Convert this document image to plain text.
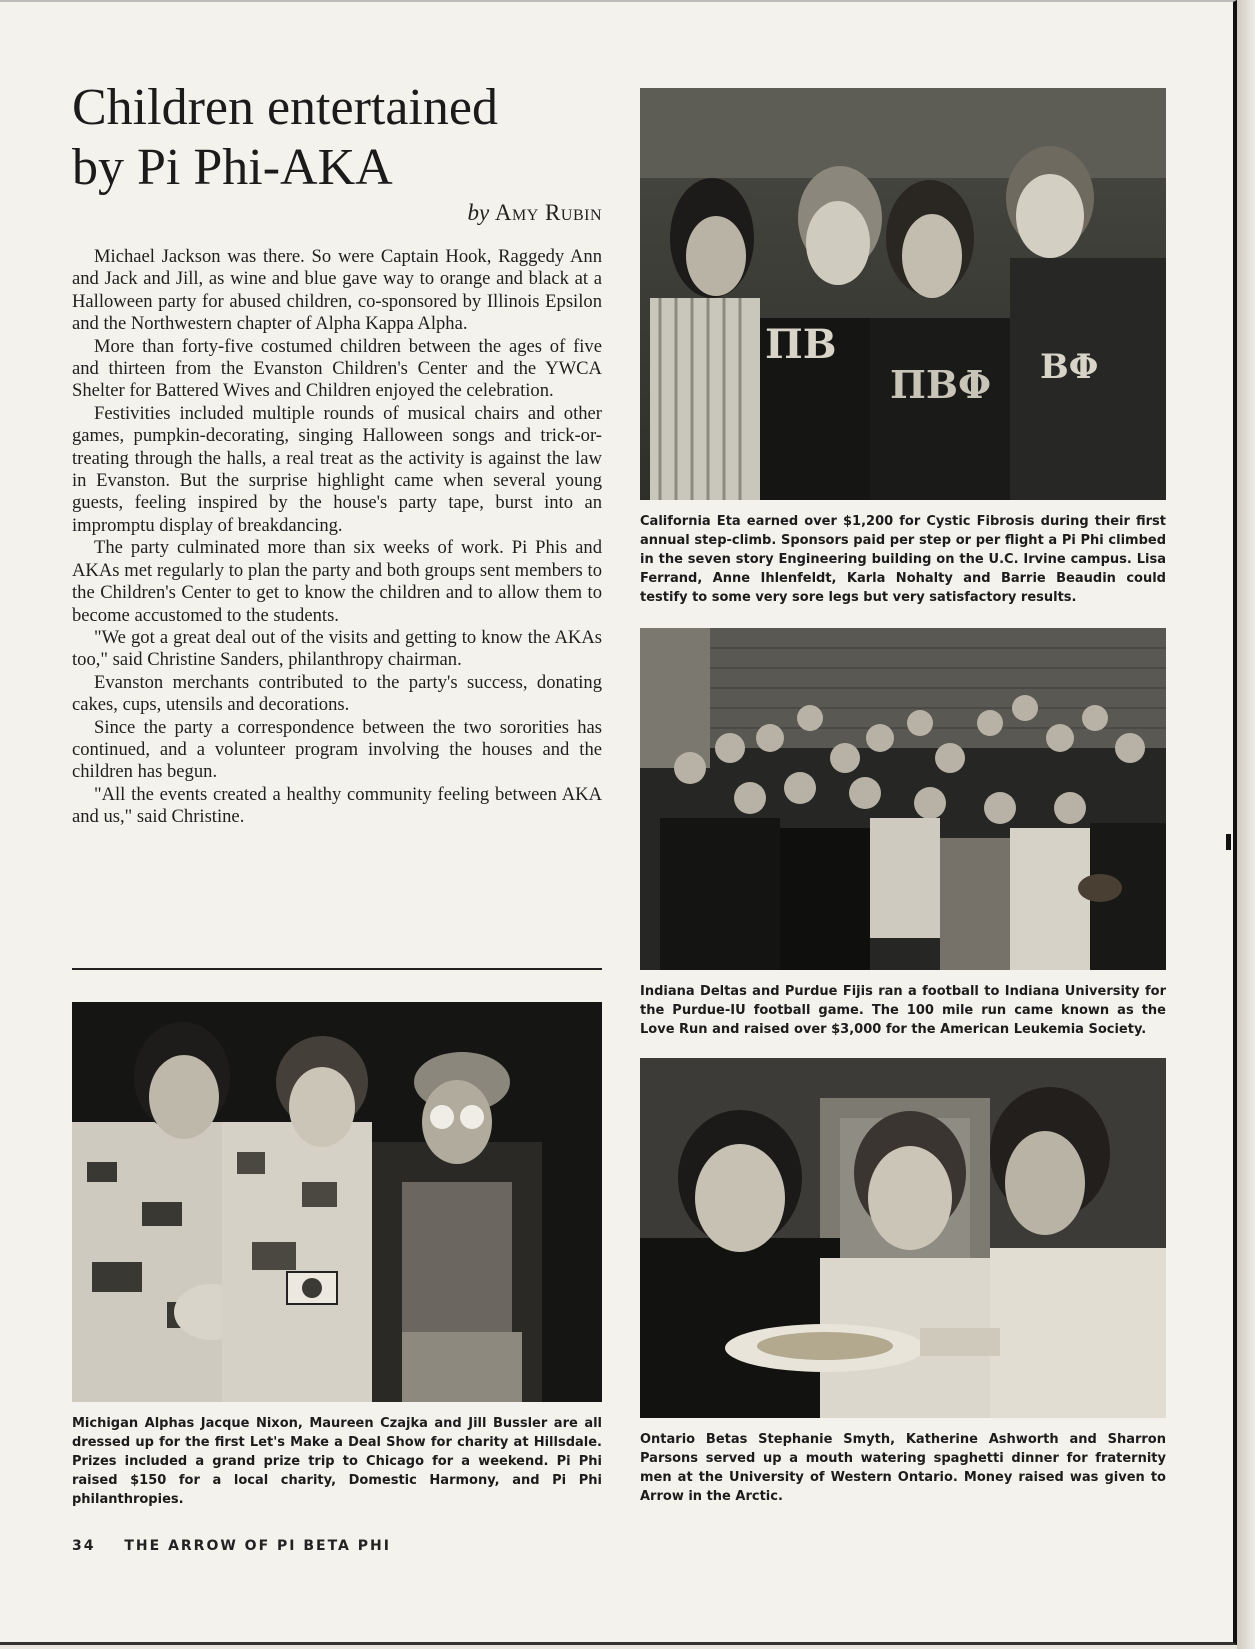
Children entertained
by Pi Phi-AKA
by Amy Rubin

Michael Jackson was there. So were Captain Hook, Raggedy Ann and Jack and Jill, as wine and blue gave way to orange and black at a Halloween party for abused children, co-sponsored by Illinois Epsilon and the Northwestern chapter of Alpha Kappa Alpha.

More than forty-five costumed children between the ages of five and thirteen from the Evanston Children's Center and the YWCA Shelter for Battered Wives and Children enjoyed the celebration.

Festivities included multiple rounds of musical chairs and other games, pumpkin-decorating, singing Halloween songs and trick-or-treating through the halls, a real treat as the activity is against the law in Evanston. But the surprise highlight came when several young guests, feeling inspired by the house's party tape, burst into an impromptu display of breakdancing.

The party culminated more than six weeks of work. Pi Phis and AKAs met regularly to plan the party and both groups sent members to the Children's Center to get to know the children and to allow them to become accustomed to the students.

"We got a great deal out of the visits and getting to know the AKAs too," said Christine Sanders, philanthropy chairman.

Evanston merchants contributed to the party's success, donating cakes, cups, utensils and decorations.

Since the party a correspondence between the two sororities has continued, and a volunteer program involving the houses and the children has begun.

"All the events created a healthy community feeling between AKA and us," said Christine.

ΠΒ
ΠΒΦ ΒΦ
California Eta earned over $1,200 for Cystic Fibrosis during their first annual step-climb. Sponsors paid per step or per flight a Pi Phi climbed in the seven story Engineering building on the U.C. Irvine campus. Lisa Ferrand, Anne Ihlenfeldt, Karla Nohalty and Barrie Beaudin could testify to some very sore legs but very satisfactory results.
Indiana Deltas and Purdue Fijis ran a football to Indiana University for the Purdue-IU football game. The 100 mile run came known as the Love Run and raised over $3,000 for the American Leukemia Society.
Ontario Betas Stephanie Smyth, Katherine Ashworth and Sharron Parsons served up a mouth watering spaghetti dinner for fraternity men at the University of Western Ontario. Money raised was given to Arrow in the Arctic.
Michigan Alphas Jacque Nixon, Maureen Czajka and Jill Bussler are all dressed up for the first Let's Make a Deal Show for charity at Hillsdale. Prizes included a grand prize trip to Chicago for a weekend. Pi Phi raised $150 for a local charity, Domestic Harmony, and Pi Phi philanthropies.
34 THE ARROW OF PI BETA PHI
